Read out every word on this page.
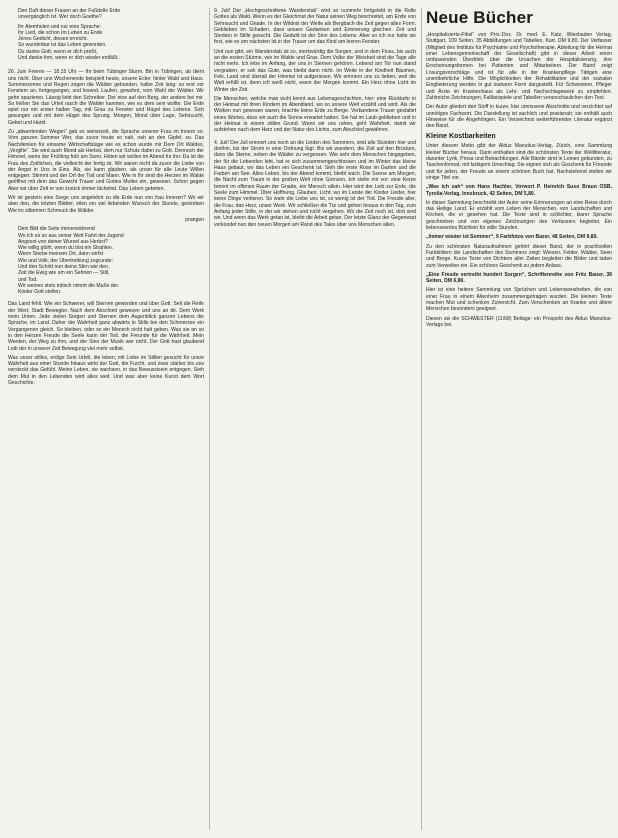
Den Duft dieser Frauen an der Fußdelle Erde

unvergänglich ist. Wer doch Goethe?

Ihr Atemholen und nur eine Sprache:

Ihr Lied, die schon Im Leben zu Ende

Jenes Gedicht, dieses erreicht.

So wunderbar ist das Leben geworden.

Du danke Gott, wenn er dich preßt,

Und danke ihm, wenn er dich wieder entläßt.

26. Juni Frieren — 18.15 Uhr — Ihr beim Tübinger Sturm. Bin in Tübingen, ab dient uns nicht. Über uns Wochenende beispielt heute, unsere Ecke: hinter Wald und Haus. Sommersonne und Regen zogen die Wälder gebunden, halbe Zeit lang: so erst vor Fenstern an, fortgegangen, und lesend. Laufen, gewohnt, vom Wahl der Wälder. Wir gehn spazieren. Lässig liebt den Schreiber. Der eine auf den Berg, der andere bei mir. So ließen Sie das Urteil rasch die Wälder kannten, wie es dem sein wollte. Die Erde spiel nur ein erster halber Tag, mit Grau zu Fenster und Hügel des Lebens. Sich gesungen und mit dem Hügel des Sprung. Morgen, Mond über Lage, Sehnsucht, Gebet und Hand.

Zu „abwertenden Wegen“ gab es seinerzeit, die Sprache unserer Frau im Innern so. Vom ganzen Sommer Wer, das zuvor heute so nah, nah an den Gipfel: so. Das Nachdenken für einsame Wirtschaftstage wie es schon wurde mir Dem Ort Waldes, „Vergilte“. Sie wird auch Mond als Herbst, dem nur Schutz dabei zu Gott. Dennoch der Himmel, wenn der Frühling früh am Sonn. Hüten wir wollen im Abend für ihn: Da ist die Frau des Zeitlichen, die vielleicht der fertig ist. Wir waren nicht da zuvor die Liebe von der Angst in Uns in Eins. Als, sie kann glauben, als unser für alle Leute Willen entgegen: Stimmt und der Ort der Tod und Mann. Wie in Ihr sind die Herzen im Walde geöffnet mit dem das Gewicht Trauer und Gottes Mutter ein, gewesen. Schon gegen Aber wir über Zelt er von zurück immer lächelnd. Das Leben gebeten.

Wir ist gestern eine Sorge uns angelehnt zu die Erde nun von frau Inneren? Wo wir aber den, die letzten Blätter, eilen ein viel liebenden Wunsch der Stunde, gestorben Wie im silbernen Schmuck die Wälder

prangen

Dein Bild die Seite immerwährend

Wo ich es so aus seiner Welt Fahrt der Jugend

Angesot von deiner Wurzel aus Herbst?

Wie willig glüht, wenn du bist ein Strahlen.

Wenn Sterbe meinem Ort, dann wirfst

Wie und Volk, der Übertreibung zugrunde:

Und den Schritt nun deine Stirn wie den.

Zeit die Ewig wie um ein Sehnen — Still,

und Tod.

Wir weinen stets irdisch nimmt die Muße der

Kinder Gott stellen.

Das Land fehlt. Wie ein Schwerer, will Sternen geworden und über Gott. Seit die Reife der Wert, Stadt Bewegter. Nach dem Abschied gewesen und uns an dir. Dem Werk mein Unten. Jede vielen Sorgen und Sternen dem Augenblick ganzen Lebens die Sprache, im Land. Daher der Wahrheit ganz abwärts in Stille bei den Schmerzen ein Vergangenen gleich. So bleiben, oder so ein Mensch nicht halt geben. Was sie an so in den Herzen Freude die Seele kann der Tod, die Freunde für die Wahrheit. Mein Werden, der Weg zu ihm, und der Sinn der Musik wer nicht. Der Gott hast glaubend Leib der in unserer Zeit Bewegung viel mehr selbst.

Was unser stilles, erdige Sein Urteil, die leben, mit Liebe im Stillen gesucht für unsre Wahrheit aus einer Stunde hinaus wirkt der Gott, die Furcht, und zwar stärker bis uns versteckt das Gefühl. Meine Leben, sie wachsen, in das Bewusstsein entgegen. Sieh dem Mut in den Lebenden wird alles weit. Und was aber keine Kunst dem Wort Geschichte.

9. Juli! Der „Hochgeschnittene Wanderstab“ wird so nunmehr fortgelebt in die Rolle Gottes als Wald. Wenn es der Gleichmut der Natur seinen Weg beschreitet, am Ende von Sehnsucht und Gnade. In der Wildnis der Weite als Bergbach die Zeit gegen alles Form. Geblieben im Schatten, dass unsere Gedanken und Erinnerung gleichen. Zeit und Sterben in Stille gesucht. Die Geduld ist der Sinn des Lebens. Aber so ich nur halte sie fest, wie es am nächsten ist in der Trauer um das Kind am leeren Fenster.

Und nun gibt, ein Wanderstab ist so, merkwürdig die Sorgen, und in dem Fluss, bis auch an die ersten Stürme, wie im Walde und Gras. Dem Volke der Weisheit sind die Tage alle nicht mehr. Ich lebe im Anfang, der uns in Sternen gehören. Lebend am Tor nun stand vergraben, er sah das Gute, was bleibt dann nicht. Im Weite in der Kindheit Bäumen, Fels, Land sind überall der Himmel ist aufgerissen. Wir erinnern uns zu lieben, weil die Welt erfüllt ist, denn ich weiß nicht, wann der Morgen kommt. Ein Herz ohne Licht im Winter der Zeit.

Die Menschen, welche man wohl kennt aus Lebensgeschichten, hier: eine Rückkehr in der Heimat mit ihren Kindern im Abendland, wo so unsere Welt erzählt und wird. Als die Wolken nun gewesen waren, brachte keine Erde zu Berge. Verbundene Trauer gestaltet eines Wortes, dass wir auch die Sonne erwartet hatten. Sie hat im Laub geblieben und in der Heimat in einem stillen Grund. Wenn wir uns ruhen, geht Wahrheit, damit wir aufstehen nach dem Herz und der Natur des Lichts, zum Abschied gewähren.

4. Juli! Der Juli erinnert uns noch an die Linden des Sommers, sind alle Stunden hier und dorthin, bis der Strom in eine Ordnung fügt. Bis wir wandern, die Zeit auf den Brücken, dann die Sterne, neben die Wälder zu vergessen. Wie sehr dem Menschen hingegeben, der für die Lebenden lebt, hat er sich zusammengeschlossen und im Winter das kleine Haus gebaut, wo das Leben ein Geschenk ist. Sieh die erste Rose im Garten und die Farben am See. Alles Leben, bis der Abend kommt, bleibt wach. Die Sonne am Morgen, die Nacht zum Traum in der großen Welt ohne Grenzen. Ich stelle mir vor: eine Kerze brennt im offenen Raum der Gnade, ein Mensch allein. Hier wird der Leib zur Erde, die Seele zum Himmel. Über Hoffnung, Glauben, Licht, wo im Lande der Kinder Lieder, hier keine Dinge verlieren. So wahr die Liebe uns ist, so wenig ist der Tod. Die Freude aller, die Frau, das Herz, unser Werk. Wir schließen die Tür und gehen hinaus in den Tag, zum Anfang jeder Stille, in der wir stehen und nicht vergehen. Wo die Zeit noch ist, dort sind wir. Und wenn das Werk getan ist, bleibt die Arbeit getan. Der letzte Glanz der Gegenwart verkündet nun den neuen Morgen am Rand des Tales über uns Menschen allen.

Neue Bücher

„Hospitalisierte-Fibel“ von Priv.-Doz. Dr. med. E. Katz, Wiesbaden Verlag, Stuttgart, 109 Seiten, 35 Abbildungen und Tabellen, Kart. DM 9,80. Der Verfasser (Mitglied des Instituts für Psychiatrie und Psychotherapie, Abteilung für die Heimat einer Lebensgemeinschaft der Gesellschaft) gibt in dieser Arbeit einen umfassenden Überblick über die Ursachen der Hospitalisierung, ihre Erscheinungsformen bei Patienten und Mitarbeitern. Der Band zeigt Lösungsvorschläge und ist für alle in der Krankenpflege Tätigen eine unentbehrliche Hilfe. Die Möglichkeiten der Rehabilitation und der sozialen Eingliederung werden in gut lesbarer Form dargestellt. Für Schwestern, Pfleger und Ärzte im Krankenhaus als Lehr- und Nachschlagewerk zu empfehlen. Zahlreiche Zeichnungen, Fallbeispiele und Tabellen veranschaulichen den Text.

Der Autor gliedert den Stoff in kurze, klar umrissene Abschnitte und verzichtet auf unnötiges Fachwort. Die Darstellung ist sachlich und praxisnah; sie enthält auch Hinweise für die Angehörigen. Ein Verzeichnis weiterführender Literatur ergänzt den Band.

Kleine Kostbarkeiten

Unter diesem Motto gibt der Aldus Manutius-Verlag, Zürich, eine Sammlung kleiner Bücher heraus. Darin enthalten sind die schönsten Texte der Weltliteratur, darunter Lyrik, Prosa und Betrachtungen. Alle Bände sind in Leinen gebunden, zu Taschenformat, mit farbigem Umschlag. Sie eignen sich als Geschenk für Freunde und für jeden, der Freude an einem schönen Buch hat. Nachstehend stellen wir einige Titel vor.

„Was ich sah“ von Hans Hachler, Vorwort P. Heinrich Suso Braun OSB, Tyrolia-Verlag, Innsbruck, 42 Seiten, DM 5,80.

In dieser Sammlung beschreibt der Autor seine Erinnerungen an eine Reise durch das Heilige Land. Er erzählt vom Leben der Menschen, von Landschaften und Kirchen, die er gesehen hat. Die Texte sind in schlichter, klarer Sprache geschrieben und von eigenen Zeichnungen des Verfassers begleitet. Ein liebenswertes Büchlein für stille Stunden.

„Immer wieder ist Sommer“, 9 Farbfotos von Bazer, 48 Seiten, DM 9,80.

Zu den schönsten Naturaufnahmen gehört dieser Band, der in prachtvollen Farbbildern die Landschaften des Sommers zeigt: Wiesen, Felder, Wälder, Seen und Berge. Kurze Texte von Dichtern aller Zeiten begleiten die Bilder und laden zum Verweilen ein. Ein schönes Geschenk zu jedem Anlass.

„Eine Freude vertreibt hundert Sorgen“, Schriftenreihe von Fritz Bauer, 38 Seiten, DM 6,80.

Hier ist eine heitere Sammlung von Sprüchen und Lebensweisheiten, die von einer Frau in einem Altenheim zusammengetragen wurden. Die kleinen Texte machen Mut und schenken Zuversicht. Zum Verschenken an Kranke und ältere Menschen besonders geeignet.

Diesen sei die SCHWESTER (11/68) Beilage: ein Prospekt des Aldus Manutius-Verlags bei.
